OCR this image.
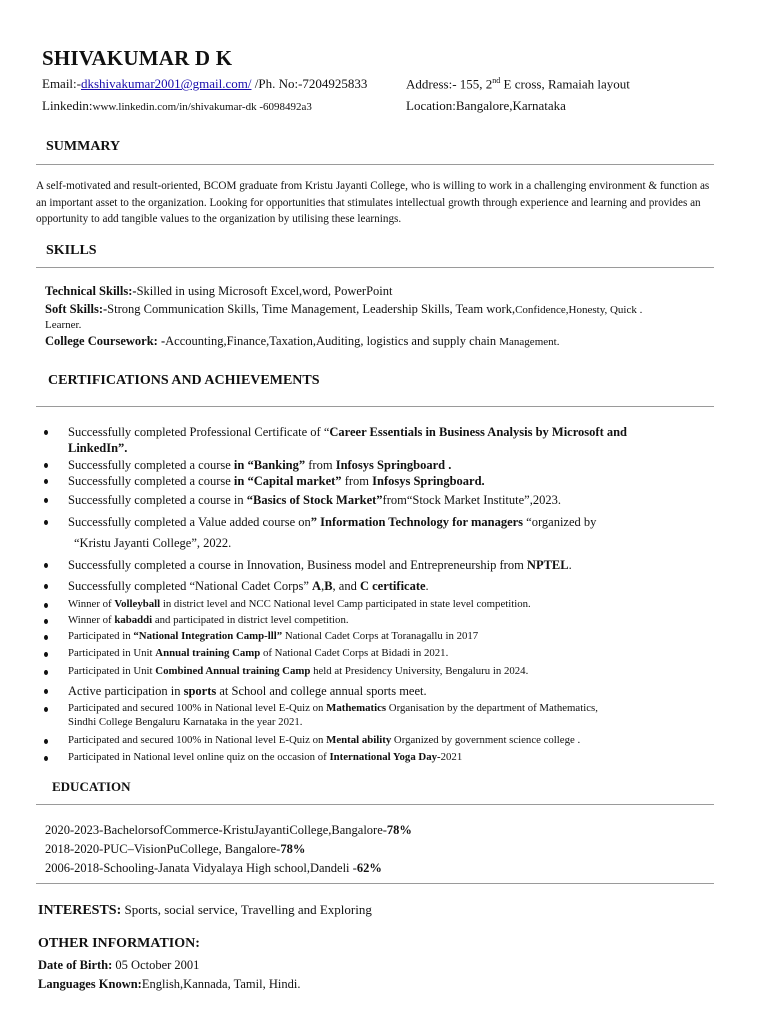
SHIVAKUMAR D K
Email:-dkshivakumar2001@gmail.com/ /Ph. No:-7204925833	Address:- 155, 2nd E cross, Ramaiah layout
Linkedin:www.linkedin.com/in/shivakumar-dk -6098492a3	Location:Bangalore,Karnataka
SUMMARY
A self-motivated and result-oriented, BCOM graduate from Kristu Jayanti College, who is willing to work in a challenging environment & function as an important asset to the organization. Looking for opportunities that stimulates intellectual growth through experience and learning and provides an opportunity to add tangible values to the organization by utilising these learnings.
SKILLS
Technical Skills:-Skilled in using Microsoft Excel,word, PowerPoint
Soft Skills:-Strong Communication Skills, Time Management, Leadership Skills, Team work,Confidence,Honesty, Quick .
Learner.
College Coursework: -Accounting,Finance,Taxation,Auditing, logistics and supply chain Management.
CERTIFICATIONS AND ACHIEVEMENTS
Successfully completed Professional Certificate of “Career Essentials in Business Analysis by Microsoft and
LinkedIn”.
Successfully completed a course in “Banking” from Infosys Springboard .
Successfully completed a course in “Capital market” from Infosys Springboard.
Successfully completed a course in “Basics of Stock Market”from“Stock Market Institute”,2023.
Successfully completed a Value added course on” Information Technology for managers “organized by
“Kristu Jayanti College”, 2022.
Successfully completed a course in Innovation, Business model and Entrepreneurship from NPTEL.
Successfully completed “National Cadet Corps” A,B, and C certificate.
Winner of Volleyball in district level and NCC National level Camp participated in state level competition.
Winner of kabaddi and participated in district level competition.
Participated in “National Integration Camp-lll” National Cadet Corps at Toranagallu in 2017
Participated in Unit Annual training Camp of National Cadet Corps at Bidadi in 2021.
Participated in Unit Combined Annual training Camp held at Presidency University, Bengaluru in 2024.
Active participation in sports at School and college annual sports meet.
Participated and secured 100% in National level E-Quiz on Mathematics Organisation by the department of Mathematics,
Sindhi College Bengaluru Karnataka in the year 2021.
Participated and secured 100% in National level E-Quiz on Mental ability Organized by government science college .
Participated in National level online quiz on the occasion of International Yoga Day-2021
EDUCATION
2020-2023-BachelorsofCommerce-KristuJayantiCollege,Bangalore-78%
2018-2020-PUC–VisionPuCollege, Bangalore-78%
2006-2018-Schooling-Janata Vidyalaya High school,Dandeli -62%
INTERESTS: Sports, social service, Travelling and Exploring
OTHER INFORMATION:
Date of Birth: 05 October 2001
Languages Known:English,Kannada, Tamil, Hindi.
